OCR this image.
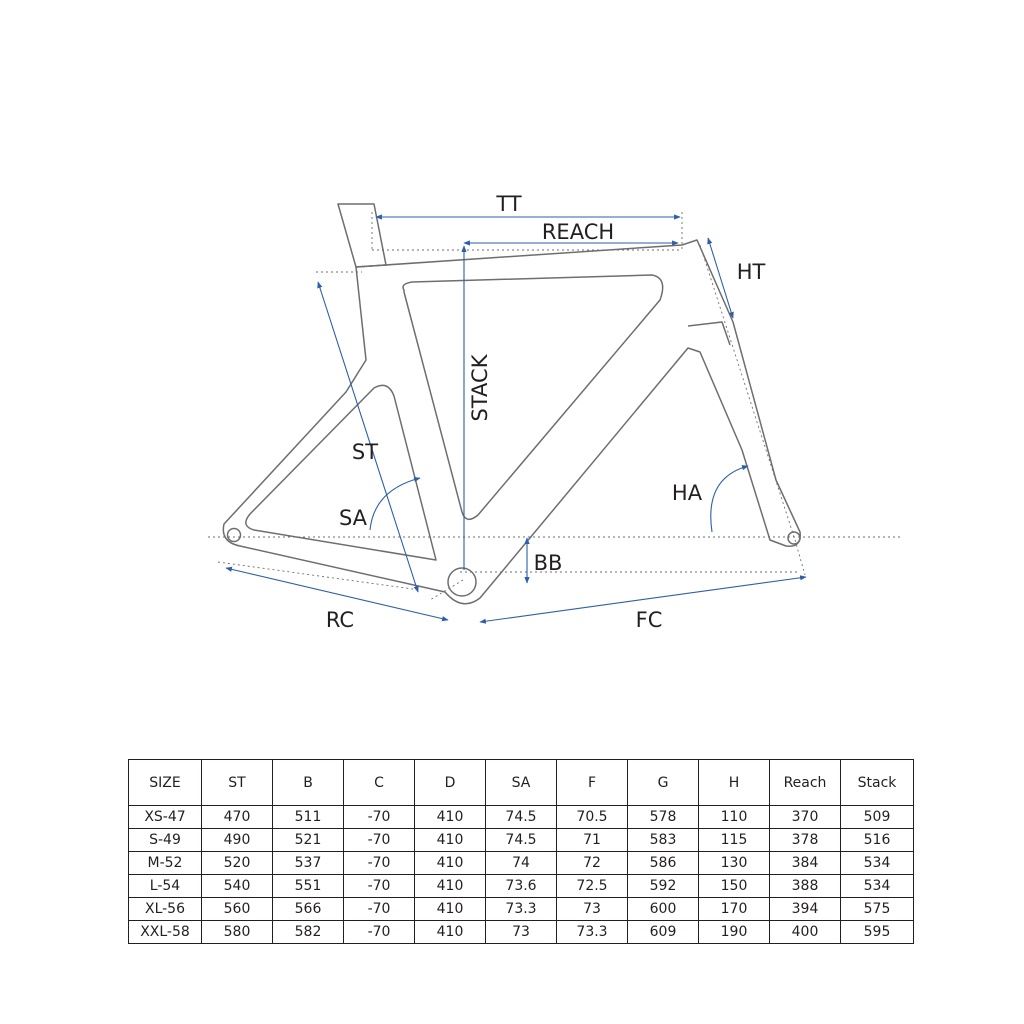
TT
REACH
HT
STACK
ST
SA
HA
BB
RC	FC
SIZE	ST	B	C	D	SA	F	G	H	Reach	Stack
XS-47	470	511	-70	410	74.5	70.5	578	110	370	509
S-49	490	521	-70	410	74.5	71	583	115	378	516
M-52	520	537	-70	410	74	72	586	130	384	534
L-54	540	551	-70	410	73.6	72.5	592	150	388	534
XL-56	560	566	-70	410	73.3	73	600	170	394	575
XXL-58	580	582	-70	410	73	73.3	609	190	400	595
